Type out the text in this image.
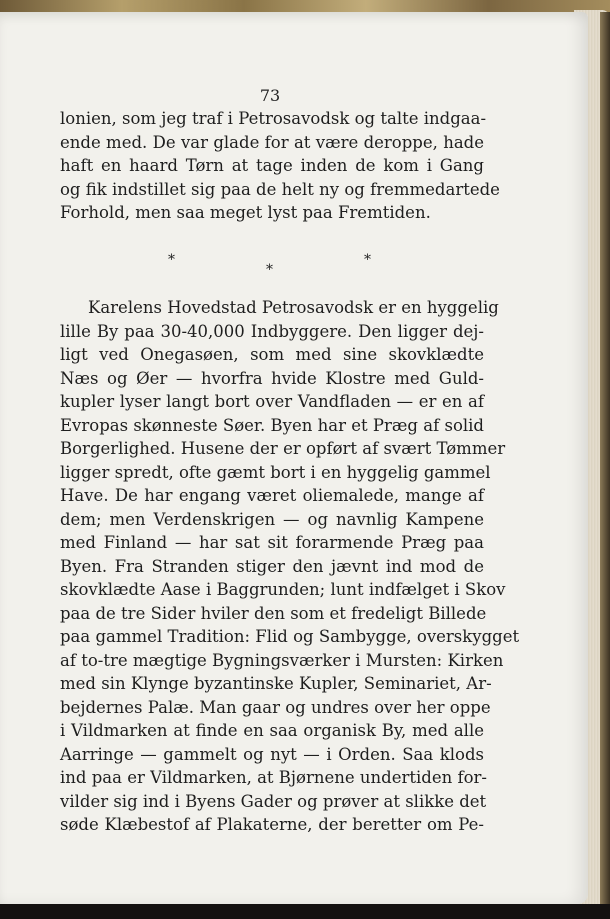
73
lonien, som jeg traf i Petrosavodsk og talte indgaa-
ende med. De var glade for at være deroppe, hade
haft en haard Tørn at tage inden de kom i Gang
og fik indstillet sig paa de helt ny og fremmedartede
Forhold, men saa meget lyst paa Fremtiden.
*
*
*
Karelens Hovedstad Petrosavodsk er en hyggelig
lille By paa 30-40,000 Indbyggere. Den ligger dej-
ligt ved Onegasøen, som med sine skovklædte
Næs og Øer — hvorfra hvide Klostre med Guld-
kupler lyser langt bort over Vandfladen — er en af
Evropas skønneste Søer. Byen har et Præg af solid
Borgerlighed. Husene der er opført af svært Tømmer
ligger spredt, ofte gæmt bort i en hyggelig gammel
Have. De har engang været oliemalede, mange af
dem; men Verdenskrigen — og navnlig Kampene
med Finland — har sat sit forarmende Præg paa
Byen. Fra Stranden stiger den jævnt ind mod de
skovklædte Aase i Baggrunden; lunt indfælget i Skov
paa de tre Sider hviler den som et fredeligt Billede
paa gammel Tradition: Flid og Sambygge, overskygget
af to-tre mægtige Bygningsværker i Mursten: Kirken
med sin Klynge byzantinske Kupler, Seminariet, Ar-
bejdernes Palæ. Man gaar og undres over her oppe
i Vildmarken at finde en saa organisk By, med alle
Aarringe — gammelt og nyt — i Orden. Saa klods
ind paa er Vildmarken, at Bjørnene undertiden for-
vilder sig ind i Byens Gader og prøver at slikke det
søde Klæbestof af Plakaterne, der beretter om Pe-
